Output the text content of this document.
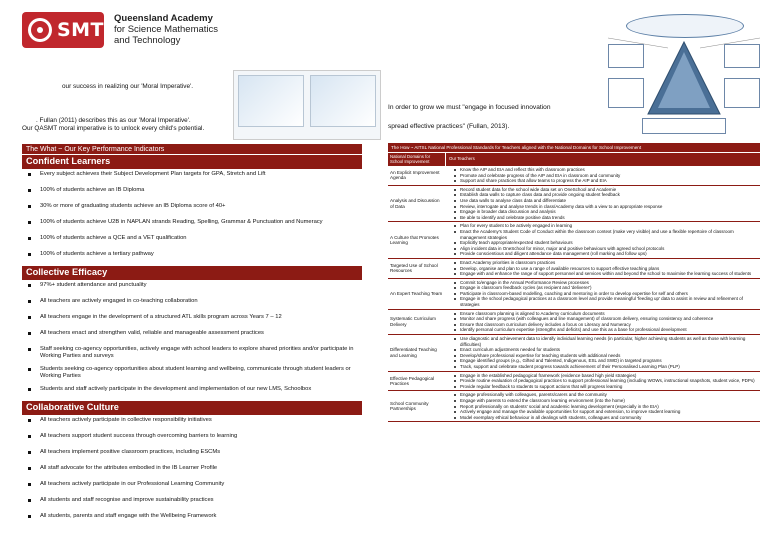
SMT
Queensland Academy
for Science Mathematics
and Technology
our success in realizing our 'Moral Imperative'.
. Fullan (2011) describes this as our 'Moral Imperative'.
Our QASMT moral imperative is to unlock every child's potential.
In order to grow we must "engage in focused innovation
spread effective practices" (Fullan, 2013).
The What ~ Our Key Performance Indicators
Confident Learners
Every subject achieves their Subject Development Plan targets for GPA, Stretch and Lift
100% of students achieve an IB Diploma
30% or more of graduating students achieve an IB Diploma score of 40+
100% of students achieve U2B in NAPLAN strands Reading, Spelling, Grammar & Punctuation and Numeracy
100% of students achieve a QCE and a VET qualification
100% of students achieve a tertiary pathway
Collective Efficacy
97%+ student attendance and punctuality
All teachers are actively engaged in co-teaching collaboration
All teachers engage in the development of a structured ATL skills program across Years 7 – 12
All teachers enact and strengthen valid, reliable and manageable assessment practices
Staff seeking co-agency opportunities, actively engage with school leaders to explore shared priorities and/or participate in Working Parties and surveys
Students seeking co-agency opportunities about student learning and wellbeing, communicate through student leaders or Working Parties
Students and staff actively participate in the development and implementation of our new LMS, Schoolbox
Collaborative Culture
All teachers actively participate in collective responsibility initiatives
All teachers support student success through overcoming barriers to learning
All teachers implement positive classroom practices, including ESCMs
All staff advocate for the attributes embodied in the IB Learner Profile
All teachers actively participate in our Professional Learning Community
All students and staff recognise and improve sustainability practices
All students, parents and staff engage with the Wellbeing Framework
The How ~ AITSL National Professional Standards for Teachers aligned with the National Domains for School Improvement
National Domains for School Improvement
Our Teachers
An Explicit Improvement Agenda
Know the AIP and EIA and reflect this with classroom practices
Promote and celebrate progress of the AIP and EIA in classroom and community
Support and share practices that allow teams to progress the AIP and EIA
Analysis and Discussion of Data
Record student data for the school wide data set on OneSchool and Academie
Establish data walls to capture class data and provide ongoing student feedback
Use data walls to analyse class data and differentiate
Review, interrogate and analyse trends in class/Academy data with a view to an appropriate response
Engage in broader data discussion and analysis
Be able to identify and celebrate positive data trends
A Culture that Promotes Learning
Plan for every student to be actively engaged in learning
Enact the Academy's Student Code of Conduct within the classroom context (make very visible) and use a flexible repertoire of classroom management strategies
Explicitly teach appropriate/expected student behaviours
Align incident data in OneSchool for minor, major and positive behaviours with agreed school protocols
Provide conscientious and diligent attendance data management (roll marking and follow ups)
Targeted Use of School Resources
Enact Academy priorities in classroom practices
Develop, organise and plan to use a range of available resources to support effective teaching plans
Engage with and enhance the range of support personnel and services within and beyond the school to maximise the learning success of students
An Expert Teaching Team
Commit to/engage in the Annual Performance Review processes
Engage in classroom feedback cycles (as recipient and 'deliverer')
Participate in classroom-based modelling, coaching and mentoring in order to develop expertise for self and others
Engage in the school pedagogical practices at a classroom level and provide meaningful 'feeding up' data to assist in review and refinement of strategies
Systematic Curriculum Delivery
Ensure classroom planning is aligned to Academy curriculum documents
Monitor and share progress (with colleagues and line management) of classroom delivery, ensuring consistency and coherence
Ensure that classroom curriculum delivery includes a focus on Literacy and Numeracy
Identify personal curriculum expertise (strengths and deficits) and use this as a base for professional development
Differentiated Teaching and Learning
Use diagnostic and achievement data to identify individual learning needs (in particular, higher achieving students as well as those with learning difficulties)
Enact curriculum adjustments needed for students
Develop/share professional expertise for teaching students with additional needs
Engage identified groups (e.g., Gifted and Talented, Indigenous, ESL and SWD) in targeted programs
Track, support and celebrate student progress towards achievement of their Personalised Learning Plan (PLP)
Effective Pedagogical Practices
Engage in the established pedagogical framework (evidence based high yield strategies)
Provide routine evaluation of pedagogical practices to support professional learning (including WOWs, instructional snapshots, student voice, PDPs)
Provide regular feedback to students to support actions that will progress learning
School Community Partnerships
Engage professionally with colleagues, parents/carers and the community
Engage with parents to extend the classroom learning environment (into the home)
Report professionally on students' social and academic learning development (especially in the EIA)
Actively engage and manage the available opportunities for support and extension, to improve student learning
Model exemplary ethical behaviour in all dealings with students, colleagues and community
